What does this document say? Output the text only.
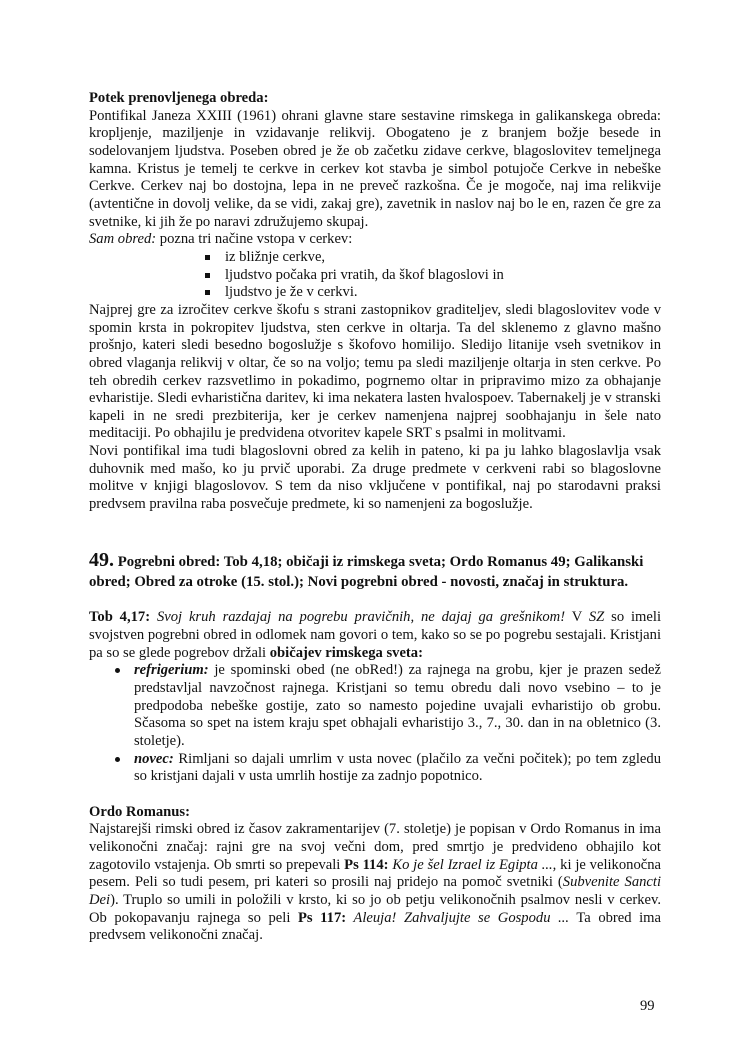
Potek prenovljenega obreda:

Pontifikal Janeza XXIII (1961) ohrani glavne stare sestavine rimskega in galikanskega obreda: kropljenje, maziljenje in vzidavanje relikvij. Obogateno je z branjem božje besede in sodelovanjem ljudstva. Poseben obred je že ob začetku zidave cerkve, blagoslovitev temeljnega kamna. Kristus je temelj te cerkve in cerkev kot stavba je simbol potujoče Cerkve in nebeške Cerkve. Cerkev naj bo dostojna, lepa in ne preveč razkošna. Če je mogoče, naj ima relikvije (avtentične in dovolj velike, da se vidi, zakaj gre), zavetnik in naslov naj bo le en, razen če gre za svetnike, ki jih že po naravi združujemo skupaj.

Sam obred: pozna tri načine vstopa v cerkev:

iz bližnje cerkve,
ljudstvo počaka pri vratih, da škof blagoslovi in
ljudstvo je že v cerkvi.

Najprej gre za izročitev cerkve škofu s strani zastopnikov graditeljev, sledi blagoslovitev vode v spomin krsta in pokropitev ljudstva, sten cerkve in oltarja. Ta del sklenemo z glavno mašno prošnjo, kateri sledi besedno bogoslužje s škofovo homilijo. Sledijo litanije vseh svetnikov in obred vlaganja relikvij v oltar, če so na voljo; temu pa sledi maziljenje oltarja in sten cerkve. Po teh obredih cerkev razsvetlimo in pokadimo, pogrnemo oltar in pripravimo mizo za obhajanje evharistije. Sledi evharistična daritev, ki ima nekatera lasten hvalospoev. Tabernakelj je v stranski kapeli in ne sredi prezbiterija, ker je cerkev namenjena najprej soobhajanju in šele nato meditaciji. Po obhajilu je predvidena otvoritev kapele SRT s psalmi in molitvami.

Novi pontifikal ima tudi blagoslovni obred za kelih in pateno, ki pa ju lahko blagoslavlja vsak duhovnik med mašo, ko ju prvič uporabi. Za druge predmete v cerkveni rabi so blagoslovne molitve v knjigi blagoslovov. S tem da niso vključene v pontifikal, naj po starodavni praksi predvsem pravilna raba posvečuje predmete, ki so namenjeni za bogoslužje.

49. Pogrebni obred: Tob 4,18; običaji iz rimskega sveta; Ordo Romanus 49; Galikanski obred; Obred za otroke (15. stol.); Novi pogrebni obred - novosti, značaj in struktura.

Tob 4,17: Svoj kruh razdajaj na pogrebu pravičnih, ne dajaj ga grešnikom! V SZ so imeli svojstven pogrebni obred in odlomek nam govori o tem, kako so se po pogrebu sestajali. Kristjani pa so se glede pogrebov držali običajev rimskega sveta:

refrigerium: je spominski obed (ne obRed!) za rajnega na grobu, kjer je prazen sedež predstavljal navzočnost rajnega. Kristjani so temu obredu dali novo vsebino – to je predpodoba nebeške gostije, zato so namesto pojedine uvajali evharistijo ob grobu. Sčasoma so spet na istem kraju spet obhajali evharistijo 3., 7., 30. dan in na obletnico (3. stoletje).
novec: Rimljani so dajali umrlim v usta novec (plačilo za večni počitek); po tem zgledu so kristjani dajali v usta umrlih hostije za zadnjo popotnico.

Ordo Romanus:

Najstarejši rimski obred iz časov zakramentarijev (7. stoletje) je popisan v Ordo Romanus in ima velikonočni značaj: rajni gre na svoj večni dom, pred smrtjo je predvideno obhajilo kot zagotovilo vstajenja. Ob smrti so prepevali Ps 114: Ko je šel Izrael iz Egipta ..., ki je velikonočna pesem. Peli so tudi pesem, pri kateri so prosili naj pridejo na pomoč svetniki (Subvenite Sancti Dei). Truplo so umili in položili v krsto, ki so jo ob petju velikonočnih psalmov nesli v cerkev. Ob pokopavanju rajnega so peli Ps 117: Aleuja! Zahvaljujte se Gospodu ... Ta obred ima predvsem velikonočni značaj.

99
